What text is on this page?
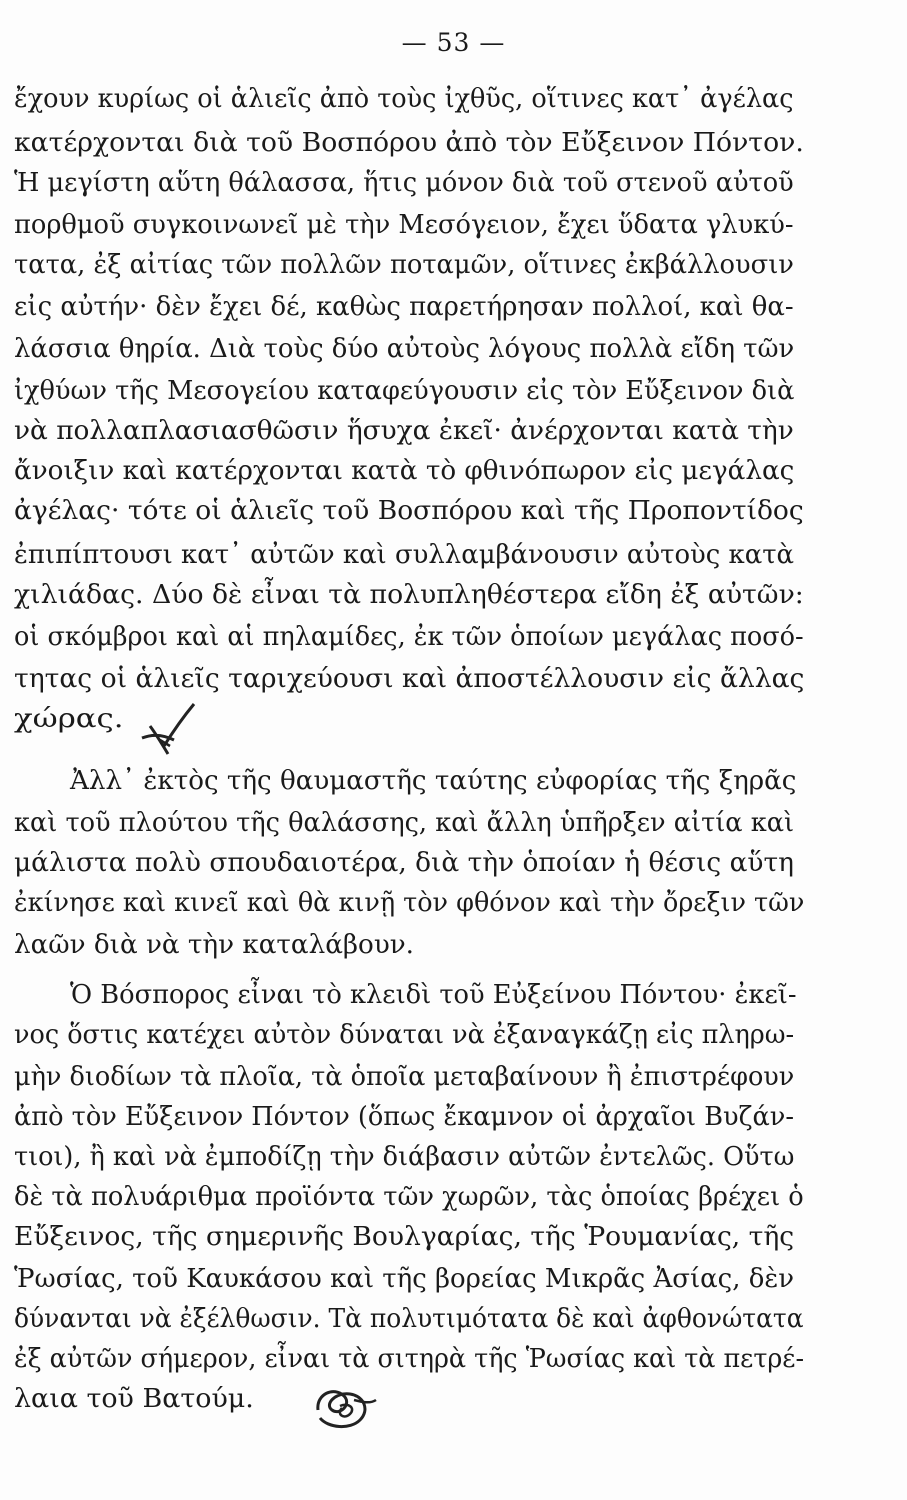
— 53 —
ἔχουν κυρίως οἱ ἁλιεῖς ἀπὸ τοὺς ἰχθῦς, οἵτινες κατ᾿ ἀγέλας
κατέρχονται διὰ τοῦ Βοσπόρου ἀπὸ τὸν Εὔξεινον Πόντον.
Ἡ μεγίστη αὕτη θάλασσα, ἥτις μόνον διὰ τοῦ στενοῦ αὐτοῦ
πορθμοῦ συγκοινωνεῖ μὲ τὴν Μεσόγειον, ἔχει ὕδατα γλυκύ-
τατα, ἐξ αἰτίας τῶν πολλῶν ποταμῶν, οἵτινες ἐκβάλλουσιν
εἰς αὐτήν· δὲν ἔχει δέ, καθὼς παρετήρησαν πολλοί, καὶ θα-
λάσσια θηρία. Διὰ τοὺς δύο αὐτοὺς λόγους πολλὰ εἴδη τῶν
ἰχθύων τῆς Μεσογείου καταφεύγουσιν εἰς τὸν Εὔξεινον διὰ
νὰ πολλαπλασιασθῶσιν ἥσυχα ἐκεῖ· ἀνέρχονται κατὰ τὴν
ἄνοιξιν καὶ κατέρχονται κατὰ τὸ φθινόπωρον εἰς μεγάλας
ἀγέλας· τότε οἱ ἁλιεῖς τοῦ Βοσπόρου καὶ τῆς Προποντίδος
ἐπιπίπτουσι κατ᾿ αὐτῶν καὶ συλλαμβάνουσιν αὐτοὺς κατὰ
χιλιάδας. Δύο δὲ εἶναι τὰ πολυπληθέστερα εἴδη ἐξ αὐτῶν:
οἱ σκόμβροι καὶ αἱ πηλαμίδες, ἐκ τῶν ὁποίων μεγάλας ποσό-
τητας οἱ ἁλιεῖς ταριχεύουσι καὶ ἀποστέλλουσιν εἰς ἄλλας
χώρας.
Ἀλλ᾿ ἐκτὸς τῆς θαυμαστῆς ταύτης εὐφορίας τῆς ξηρᾶς
καὶ τοῦ πλούτου τῆς θαλάσσης, καὶ ἄλλη ὑπῆρξεν αἰτία καὶ
μάλιστα πολὺ σπουδαιοτέρα, διὰ τὴν ὁποίαν ἡ θέσις αὕτη
ἐκίνησε καὶ κινεῖ καὶ θὰ κινῇ τὸν φθόνον καὶ τὴν ὄρεξιν τῶν
λαῶν διὰ νὰ τὴν καταλάβουν.
Ὁ Βόσπορος εἶναι τὸ κλειδὶ τοῦ Εὐξείνου Πόντου· ἐκεῖ-
νος ὅστις κατέχει αὐτὸν δύναται νὰ ἐξαναγκάζῃ εἰς πληρω-
μὴν διοδίων τὰ πλοῖα, τὰ ὁποῖα μεταβαίνουν ἢ ἐπιστρέφουν
ἀπὸ τὸν Εὔξεινον Πόντον (ὅπως ἔκαμνον οἱ ἀρχαῖοι Βυζάν-
τιοι), ἢ καὶ νὰ ἐμποδίζῃ τὴν διάβασιν αὐτῶν ἐντελῶς. Οὕτω
δὲ τὰ πολυάριθμα προϊόντα τῶν χωρῶν, τὰς ὁποίας βρέχει ὁ
Εὔξεινος, τῆς σημερινῆς Βουλγαρίας, τῆς Ῥουμανίας, τῆς
Ῥωσίας, τοῦ Καυκάσου καὶ τῆς βορείας Μικρᾶς Ἀσίας, δὲν
δύνανται νὰ ἐξέλθωσιν. Τὰ πολυτιμότατα δὲ καὶ ἀφθονώτατα
ἐξ αὐτῶν σήμερον, εἶναι τὰ σιτηρὰ τῆς Ῥωσίας καὶ τὰ πετρέ-
λαια τοῦ Βατούμ.
